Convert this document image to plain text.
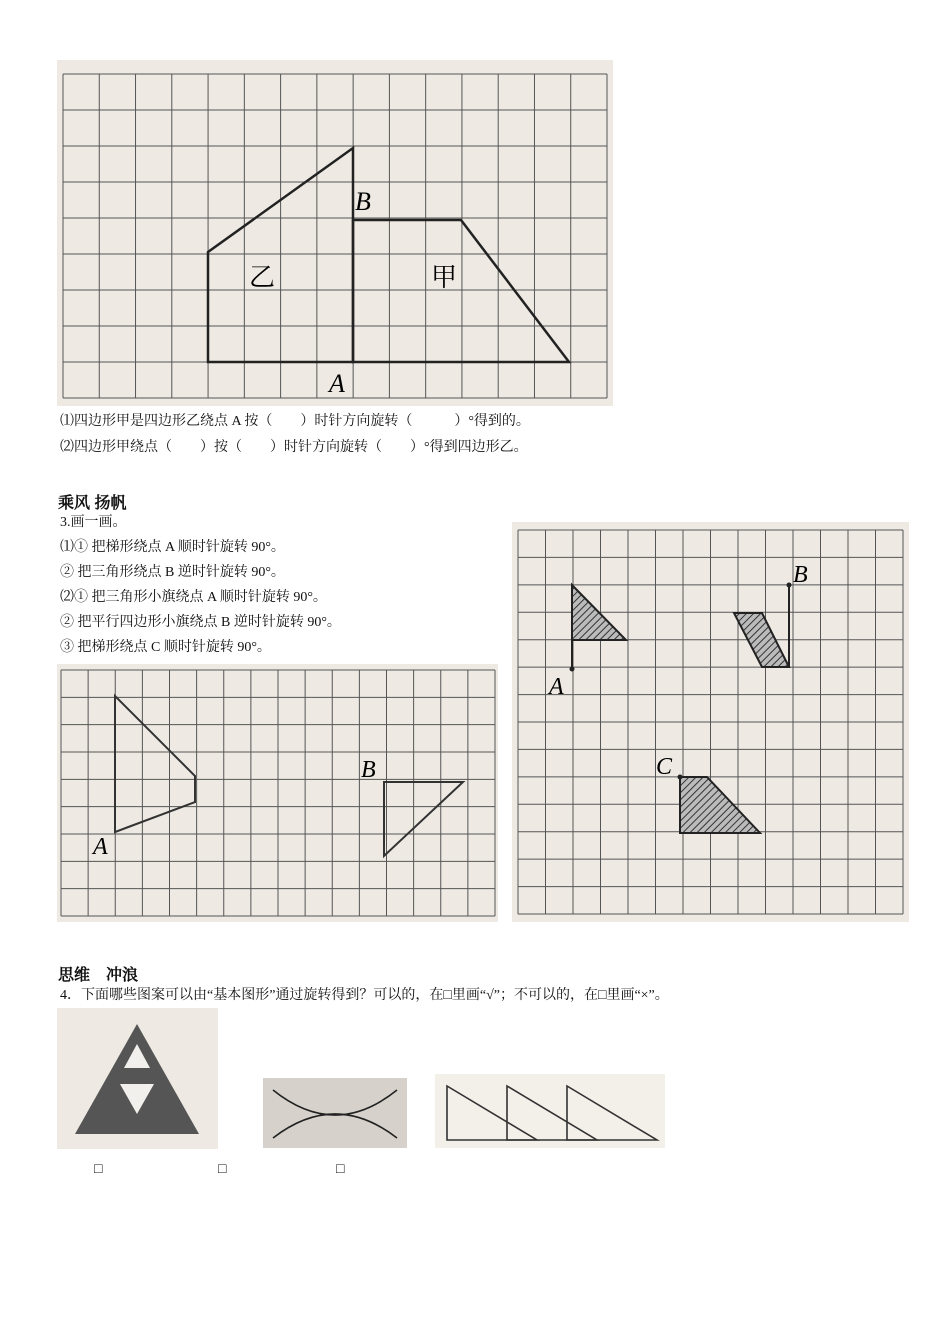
B
A
乙	甲
⑴四边形甲是四边形乙绕点 A 按（　　）时针方向旋转（　　　）°得到的。
⑵四边形甲绕点（　　）按（　　）时针方向旋转（　　）°得到四边形乙。
乘风 扬帆
3.画一画。
⑴① 把梯形绕点 A 顺时针旋转 90°。
② 把三角形绕点 B 逆时针旋转 90°。
⑵① 把三角形小旗绕点 A 顺时针旋转 90°。
② 把平行四边形小旗绕点 B 逆时针旋转 90°。
③ 把梯形绕点 C 顺时针旋转 90°。
B
A
A
B
C
思维　冲浪
4．下面哪些图案可以由“基本图形”通过旋转得到？可以的，在□里画“√”；不可以的，在□里画“×”。
□	□	□
